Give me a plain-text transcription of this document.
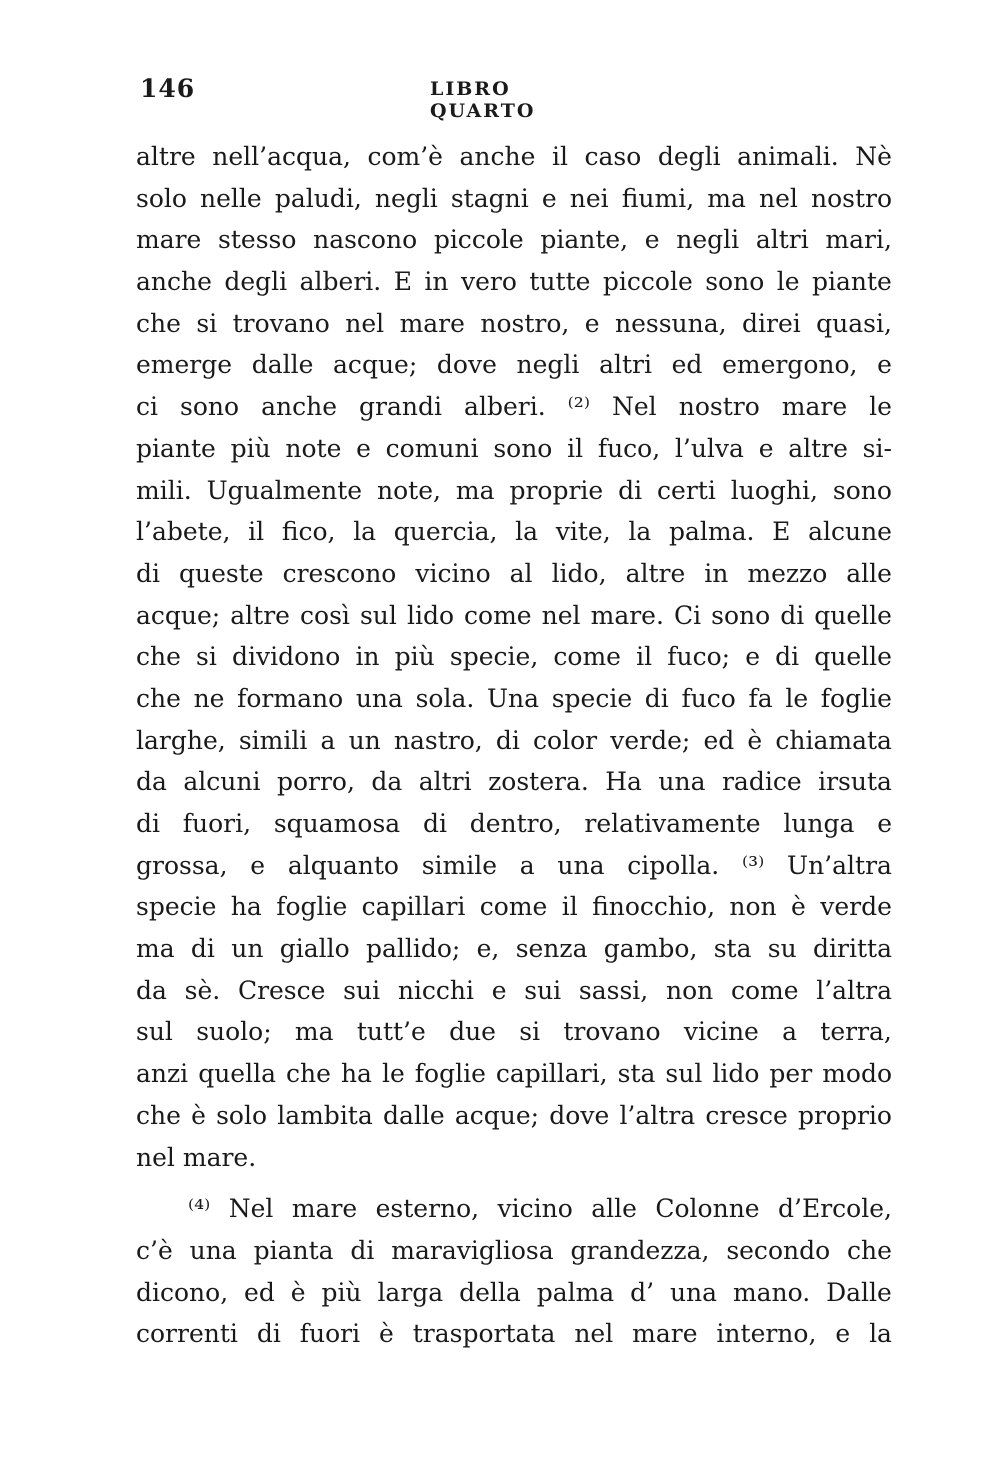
146	LIBRO QUARTO
altre nell’acqua, com’è anche il caso degli animali. Nè
solo nelle paludi, negli stagni e nei fiumi, ma nel nostro
mare stesso nascono piccole piante, e negli altri mari,
anche degli alberi. E in vero tutte piccole sono le piante
che si trovano nel mare nostro, e nessuna, direi quasi,
emerge dalle acque; dove negli altri ed emergono, e
ci sono anche grandi alberi. ⁽²⁾ Nel nostro mare le
piante più note e comuni sono il fuco, l’ulva e altre si-
mili. Ugualmente note, ma proprie di certi luoghi, sono
l’abete, il fico, la quercia, la vite, la palma. E alcune
di queste crescono vicino al lido, altre in mezzo alle
acque; altre così sul lido come nel mare. Ci sono di quelle
che si dividono in più specie, come il fuco; e di quelle
che ne formano una sola. Una specie di fuco fa le foglie
larghe, simili a un nastro, di color verde; ed è chiamata
da alcuni porro, da altri zostera. Ha una radice irsuta
di fuori, squamosa di dentro, relativamente lunga e
grossa, e alquanto simile a una cipolla. ⁽³⁾ Un’altra
specie ha foglie capillari come il finocchio, non è verde
ma di un giallo pallido; e, senza gambo, sta su diritta
da sè. Cresce sui nicchi e sui sassi, non come l’altra
sul suolo; ma tutt’e due si trovano vicine a terra,
anzi quella che ha le foglie capillari, sta sul lido per modo
che è solo lambita dalle acque; dove l’altra cresce proprio
nel
mare.
⁽⁴⁾ Nel mare esterno, vicino alle Colonne d’Ercole,
c’è una pianta di maravigliosa grandezza, secondo che
dicono, ed è più larga della palma d’ una mano. Dalle
correnti di fuori è trasportata nel mare interno, e la
